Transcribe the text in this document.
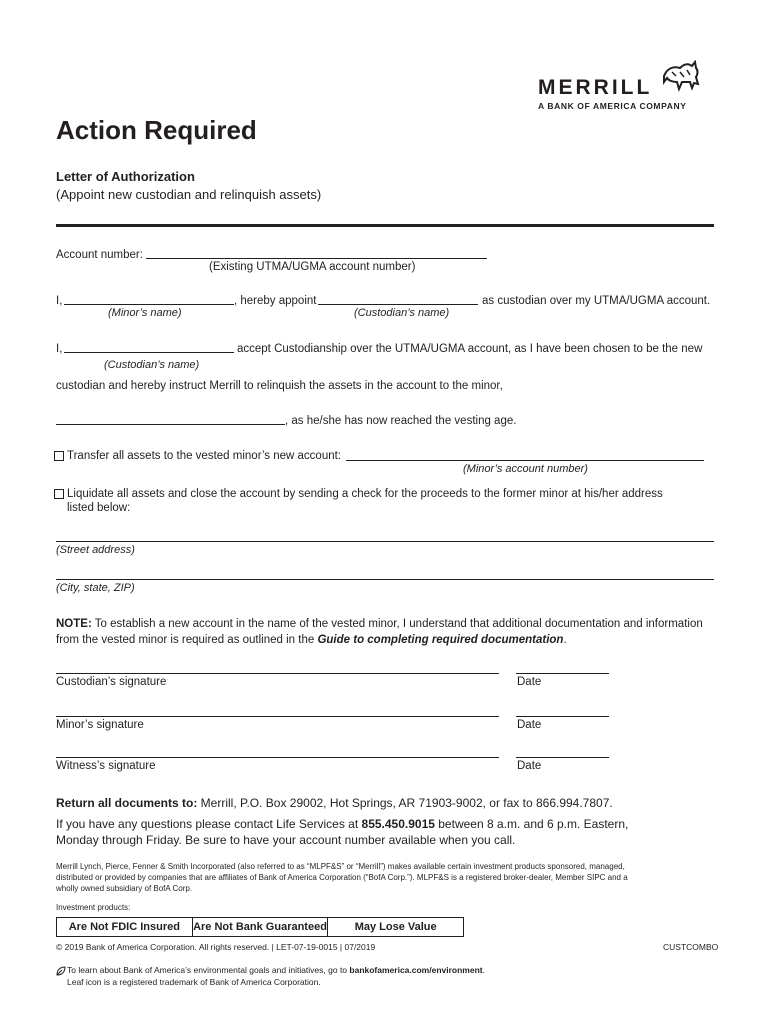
MERRILL
A BANK OF AMERICA COMPANY
Action Required
Letter of Authorization
(Appoint new custodian and relinquish assets)
Account number:
(Existing UTMA/UGMA account number)
I,	, hereby appoint	as custodian over my UTMA/UGMA account.
(Minor’s name)	(Custodian’s name)
I,	accept Custodianship over the UTMA/UGMA account, as I have been chosen to be the new
(Custodian’s name)
custodian and hereby instruct Merrill to relinquish the assets in the account to the minor,
, as he/she has now reached the vesting age.
Transfer all assets to the vested minor’s new account:
(Minor’s account number)
Liquidate all assets and close the account by sending a check for the proceeds to the former minor at his/her address
listed below:
(Street address)
(City, state, ZIP)
NOTE: To establish a new account in the name of the vested minor, I understand that additional documentation and information
from the vested minor is required as outlined in the Guide to completing required documentation.
Custodian’s signature	Date
Minor’s signature	Date
Witness’s signature	Date
Return all documents to: Merrill, P.O. Box 29002, Hot Springs, AR 71903-9002, or fax to 866.994.7807.
If you have any questions please contact Life Services at 855.450.9015 between 8 a.m. and 6 p.m. Eastern,
Monday through Friday. Be sure to have your account number available when you call.
Merrill Lynch, Pierce, Fenner & Smith Incorporated (also referred to as “MLPF&S” or “Merrill”) makes available certain investment products sponsored, managed,
distributed or provided by companies that are affiliates of Bank of America Corporation (“BofA Corp.”). MLPF&S is a registered broker-dealer, Member SIPC and a
wholly owned subsidiary of BofA Corp.
Investment products:
Are Not FDIC Insured	Are Not Bank Guaranteed	May Lose Value
© 2019 Bank of America Corporation. All rights reserved. | LET-07-19-0015 | 07/2019	CUSTCOMBO
To learn about Bank of America’s environmental goals and initiatives, go to bankofamerica.com/environment.
Leaf icon is a registered trademark of Bank of America Corporation.
